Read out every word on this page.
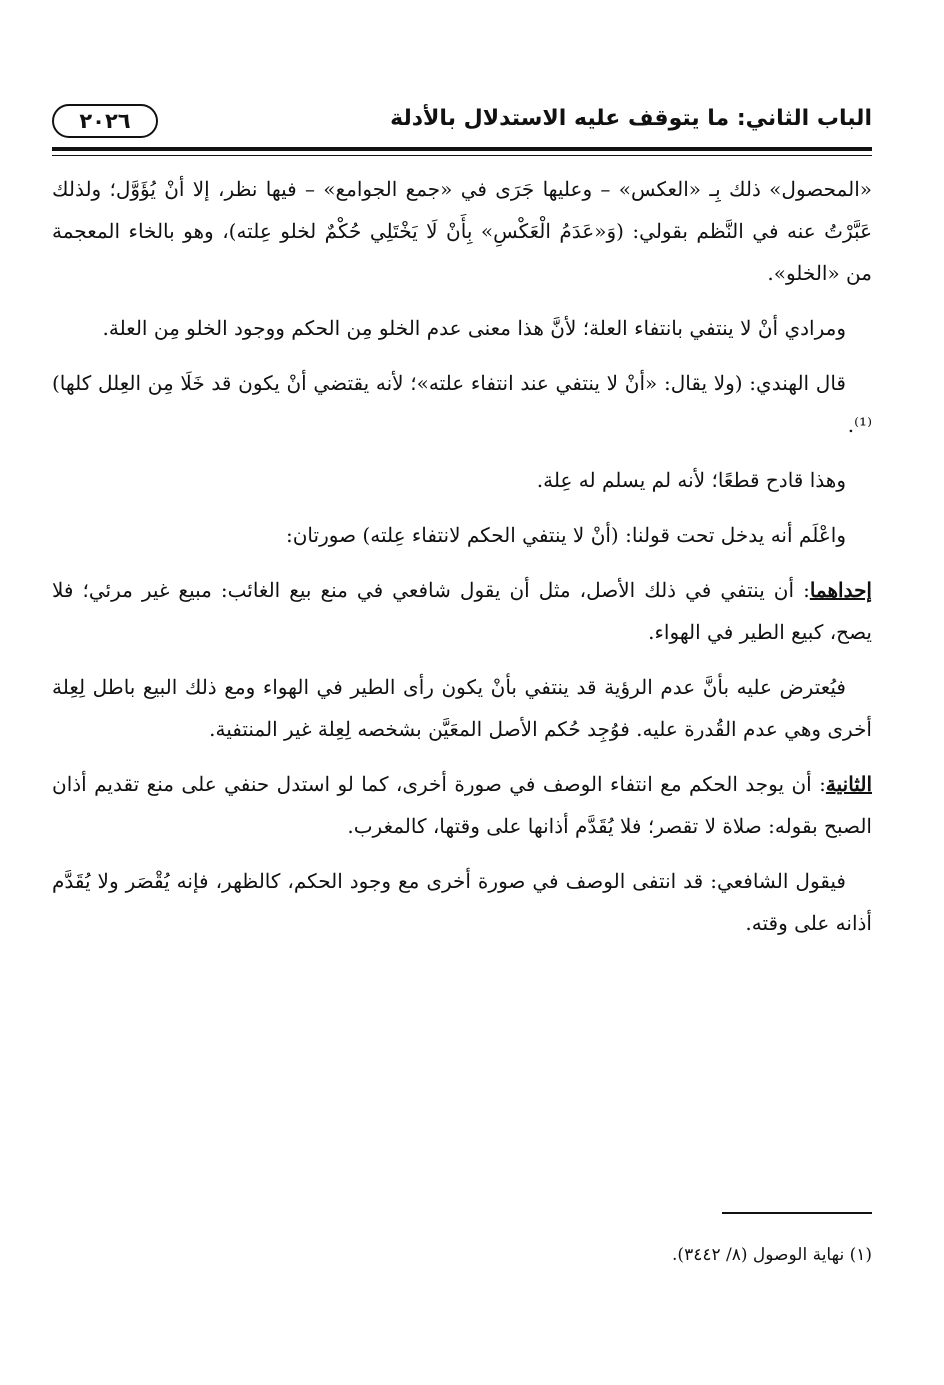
الباب الثاني: ما يتوقف عليه الاستدلال بالأدلة
٢٠٢٦

«المحصول» ذلك بِـ «العكس» – وعليها جَرَى في «جمع الجوامع» – فيها نظر، إلا أنْ يُؤَوَّل؛ ولذلك عَبَّرْتُ عنه في النَّظم بقولي: (وَ«عَدَمُ الْعَكْسِ» بِأَنْ لَا يَخْتَلِي حُكْمٌ لخلو عِلته)، وهو بالخاء المعجمة من «الخلو».

ومرادي أنْ لا ينتفي بانتفاء العلة؛ لأنَّ هذا معنى عدم الخلو مِن الحكم ووجود الخلو مِن العلة.

قال الهندي: (ولا يقال: «أنْ لا ينتفي عند انتفاء علته»؛ لأنه يقتضي أنْ يكون قد خَلَا مِن العِلل كلها)⁽¹⁾.

وهذا قادح قطعًا؛ لأنه لم يسلم له عِلة.

واعْلَم أنه يدخل تحت قولنا: (أنْ لا ينتفي الحكم لانتفاء عِلته) صورتان:

إحداهما: أن ينتفي في ذلك الأصل، مثل أن يقول شافعي في منع بيع الغائب: مبيع غير مرئي؛ فلا يصح، كبيع الطير في الهواء.

فيُعترض عليه بأنَّ عدم الرؤية قد ينتفي بأنْ يكون رأى الطير في الهواء ومع ذلك البيع باطل لِعِلة أخرى وهي عدم القُدرة عليه. فوُجِد حُكم الأصل المعَيَّن بشخصه لِعِلة غير المنتفية.

الثانية: أن يوجد الحكم مع انتفاء الوصف في صورة أخرى، كما لو استدل حنفي على منع تقديم أذان الصبح بقوله: صلاة لا تقصر؛ فلا يُقَدَّم أذانها على وقتها، كالمغرب.

فيقول الشافعي: قد انتفى الوصف في صورة أخرى مع وجود الحكم، كالظهر، فإنه يُقْصَر ولا يُقَدَّم أذانه على وقته.

(١) نهاية الوصول (٨/ ٣٤٤٢).
